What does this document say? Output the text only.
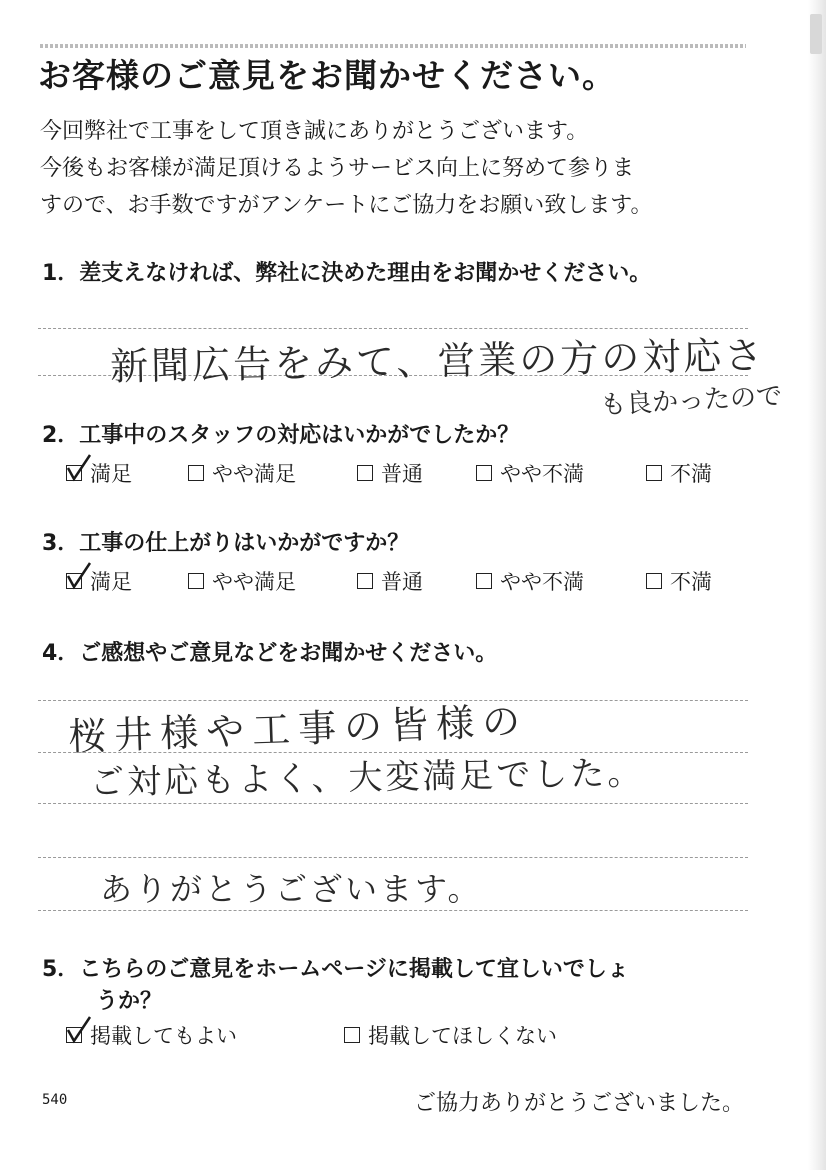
お客様のご意見をお聞かせください。
今回弊社で工事をして頂き誠にありがとうございます。
今後もお客様が満足頂けるようサービス向上に努めて参りま
すので、お手数ですがアンケートにご協力をお願い致します。
1．差支えなければ、弊社に決めた理由をお聞かせください。
新聞広告をみて、営業の方の対応さ
も良かったので
2．工事中のスタッフの対応はいかがでしたか？
満足	やや満足	普通	やや不満	不満
3．工事の仕上がりはいかがですか？
満足	やや満足	普通	やや不満	不満
4．ご感想やご意見などをお聞かせください。
桜井様や工事の皆様の
ご対応もよく、大変満足でした。
ありがとうございます。
5．こちらのご意見をホームページに掲載して宜しいでしょ
うか？
掲載してもよい	掲載してほしくない
540	ご協力ありがとうございました。
